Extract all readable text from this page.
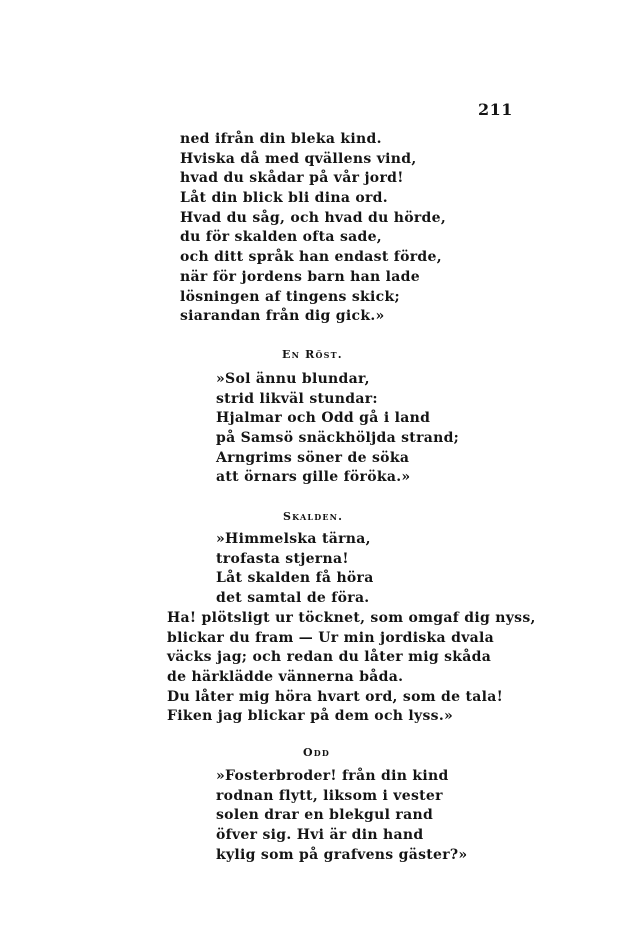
211
ned ifrån din bleka kind.
Hviska då med qvällens vind,
hvad du skådar på vår jord!
Låt din blick bli dina ord.
Hvad du såg, och hvad du hörde,
du för skalden ofta sade,
och ditt språk han endast förde,
när för jordens barn han lade
lösningen af tingens skick;
siarandan från dig gick.»
En Röst.
»Sol ännu blundar,
strid likväl stundar:
Hjalmar och Odd gå i land
på Samsö snäckhöljda strand;
Arngrims söner de söka
att örnars gille föröka.»
Skalden.
»Himmelska tärna,
trofasta stjerna!
Låt skalden få höra
det samtal de föra.
Ha! plötsligt ur töcknet, som omgaf dig nyss,
blickar du fram — Ur min jordiska dvala
väcks jag; och redan du låter mig skåda
de härklädde vännerna båda.
Du låter mig höra hvart ord, som de tala!
Fiken jag blickar på dem och lyss.»
Odd
»Fosterbroder! från din kind
rodnan flytt, liksom i vester
solen drar en blekgul rand
öfver sig. Hvi är din hand
kylig som på grafvens gäster?»
